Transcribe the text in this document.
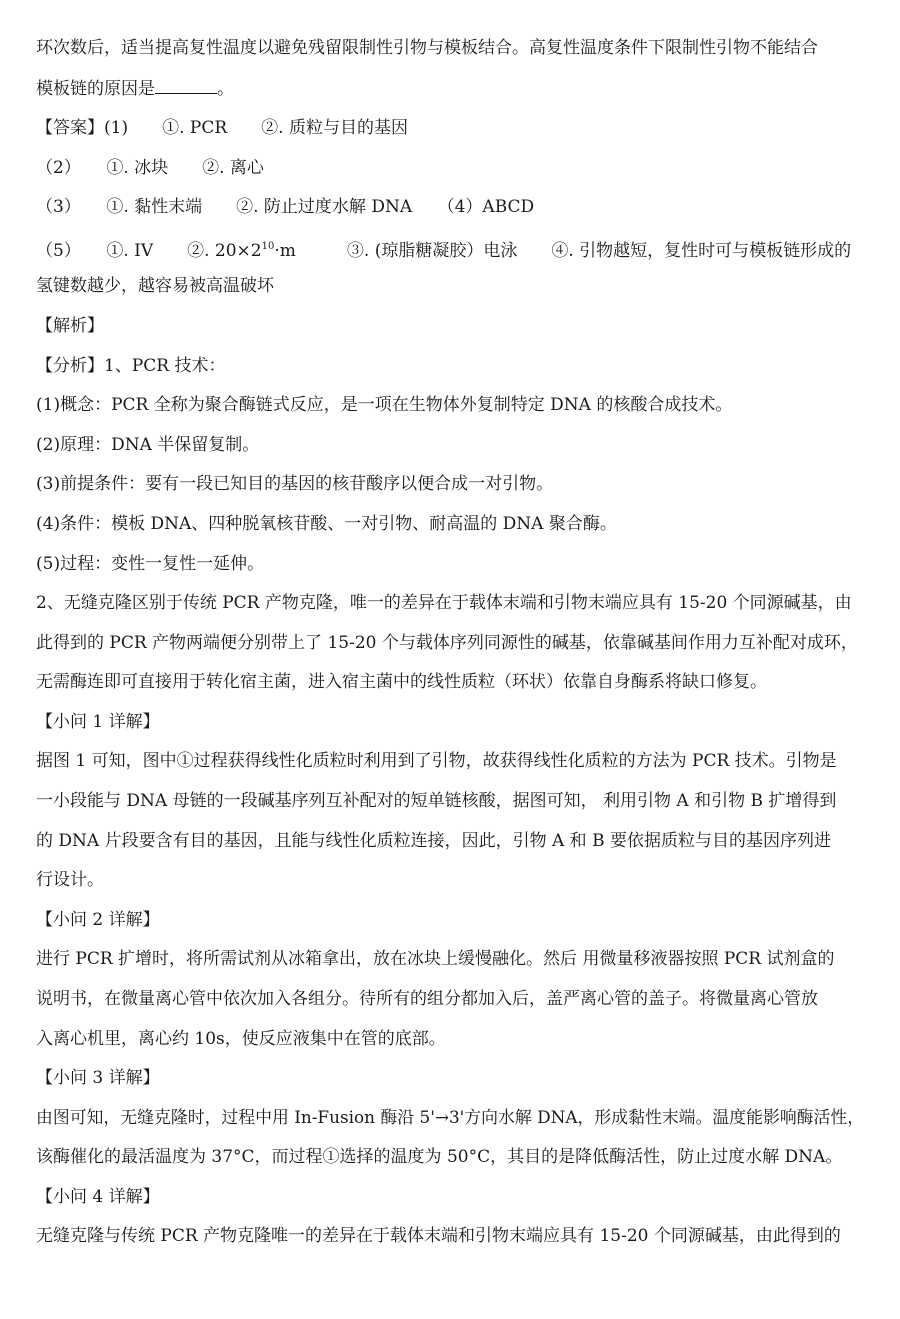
环次数后，适当提高复性温度以避免残留限制性引物与模板结合。高复性温度条件下限制性引物不能结合
模板链的原因是	。
【答案】(1)　　①. PCR　　②. 质粒与目的基因
（2）　　①. 冰块　　②. 离心
（3）　　①. 黏性末端　　②. 防止过度水解 DNA　　（4）ABCD
（5）　　①. IV　　②. $20\times 2^{10}\cdot m$　　　③. (琼脂糖凝胶）电泳　　④. 引物越短，复性时可与模板链形成的
氢键数越少，越容易被高温破坏
【解析】
【分析】1、PCR 技术：
(1)概念：PCR 全称为聚合酶链式反应，是一项在生物体外复制特定 DNA 的核酸合成技术。
(2)原理：DNA 半保留复制。
(3)前提条件：要有一段已知目的基因的核苷酸序以便合成一对引物。
(4)条件：模板 DNA、四种脱氧核苷酸、一对引物、耐高温的 DNA 聚合酶。
(5)过程：变性一复性一延伸。
2、无缝克隆区别于传统 PCR 产物克隆，唯一的差异在于载体末端和引物末端应具有 15-20 个同源碱基，由
此得到的 PCR 产物两端便分别带上了 15-20 个与载体序列同源性的碱基，依靠碱基间作用力互补配对成环，
无需酶连即可直接用于转化宿主菌，进入宿主菌中的线性质粒（环状）依靠自身酶系将缺口修复。
【小问 1 详解】
据图 1 可知，图中①过程获得线性化质粒时利用到了引物，故获得线性化质粒的方法为 PCR 技术。引物是
一小段能与 DNA 母链的一段碱基序列互补配对的短单链核酸，据图可知， 利用引物 A 和引物 B 扩增得到
的 DNA 片段要含有目的基因，且能与线性化质粒连接，因此，引物 A 和 B 要依据质粒与目的基因序列进
行设计。
【小问 2 详解】
进行 PCR 扩增时，将所需试剂从冰箱拿出，放在冰块上缓慢融化。然后 用微量移液器按照 PCR 试剂盒的
说明书，在微量离心管中依次加入各组分。待所有的组分都加入后，盖严离心管的盖子。将微量离心管放
入离心机里，离心约 10s，使反应液集中在管的底部。
【小问 3 详解】
由图可知，无缝克隆时，过程中用 In-Fusion 酶沿 5'→3'方向水解 DNA，形成黏性末端。温度能影响酶活性，
该酶催化的最活温度为 37°C，而过程①选择的温度为 50°C，其目的是降低酶活性，防止过度水解 DNA。
【小问 4 详解】
无缝克隆与传统 PCR 产物克隆唯一的差异在于载体末端和引物末端应具有 15-20 个同源碱基，由此得到的
